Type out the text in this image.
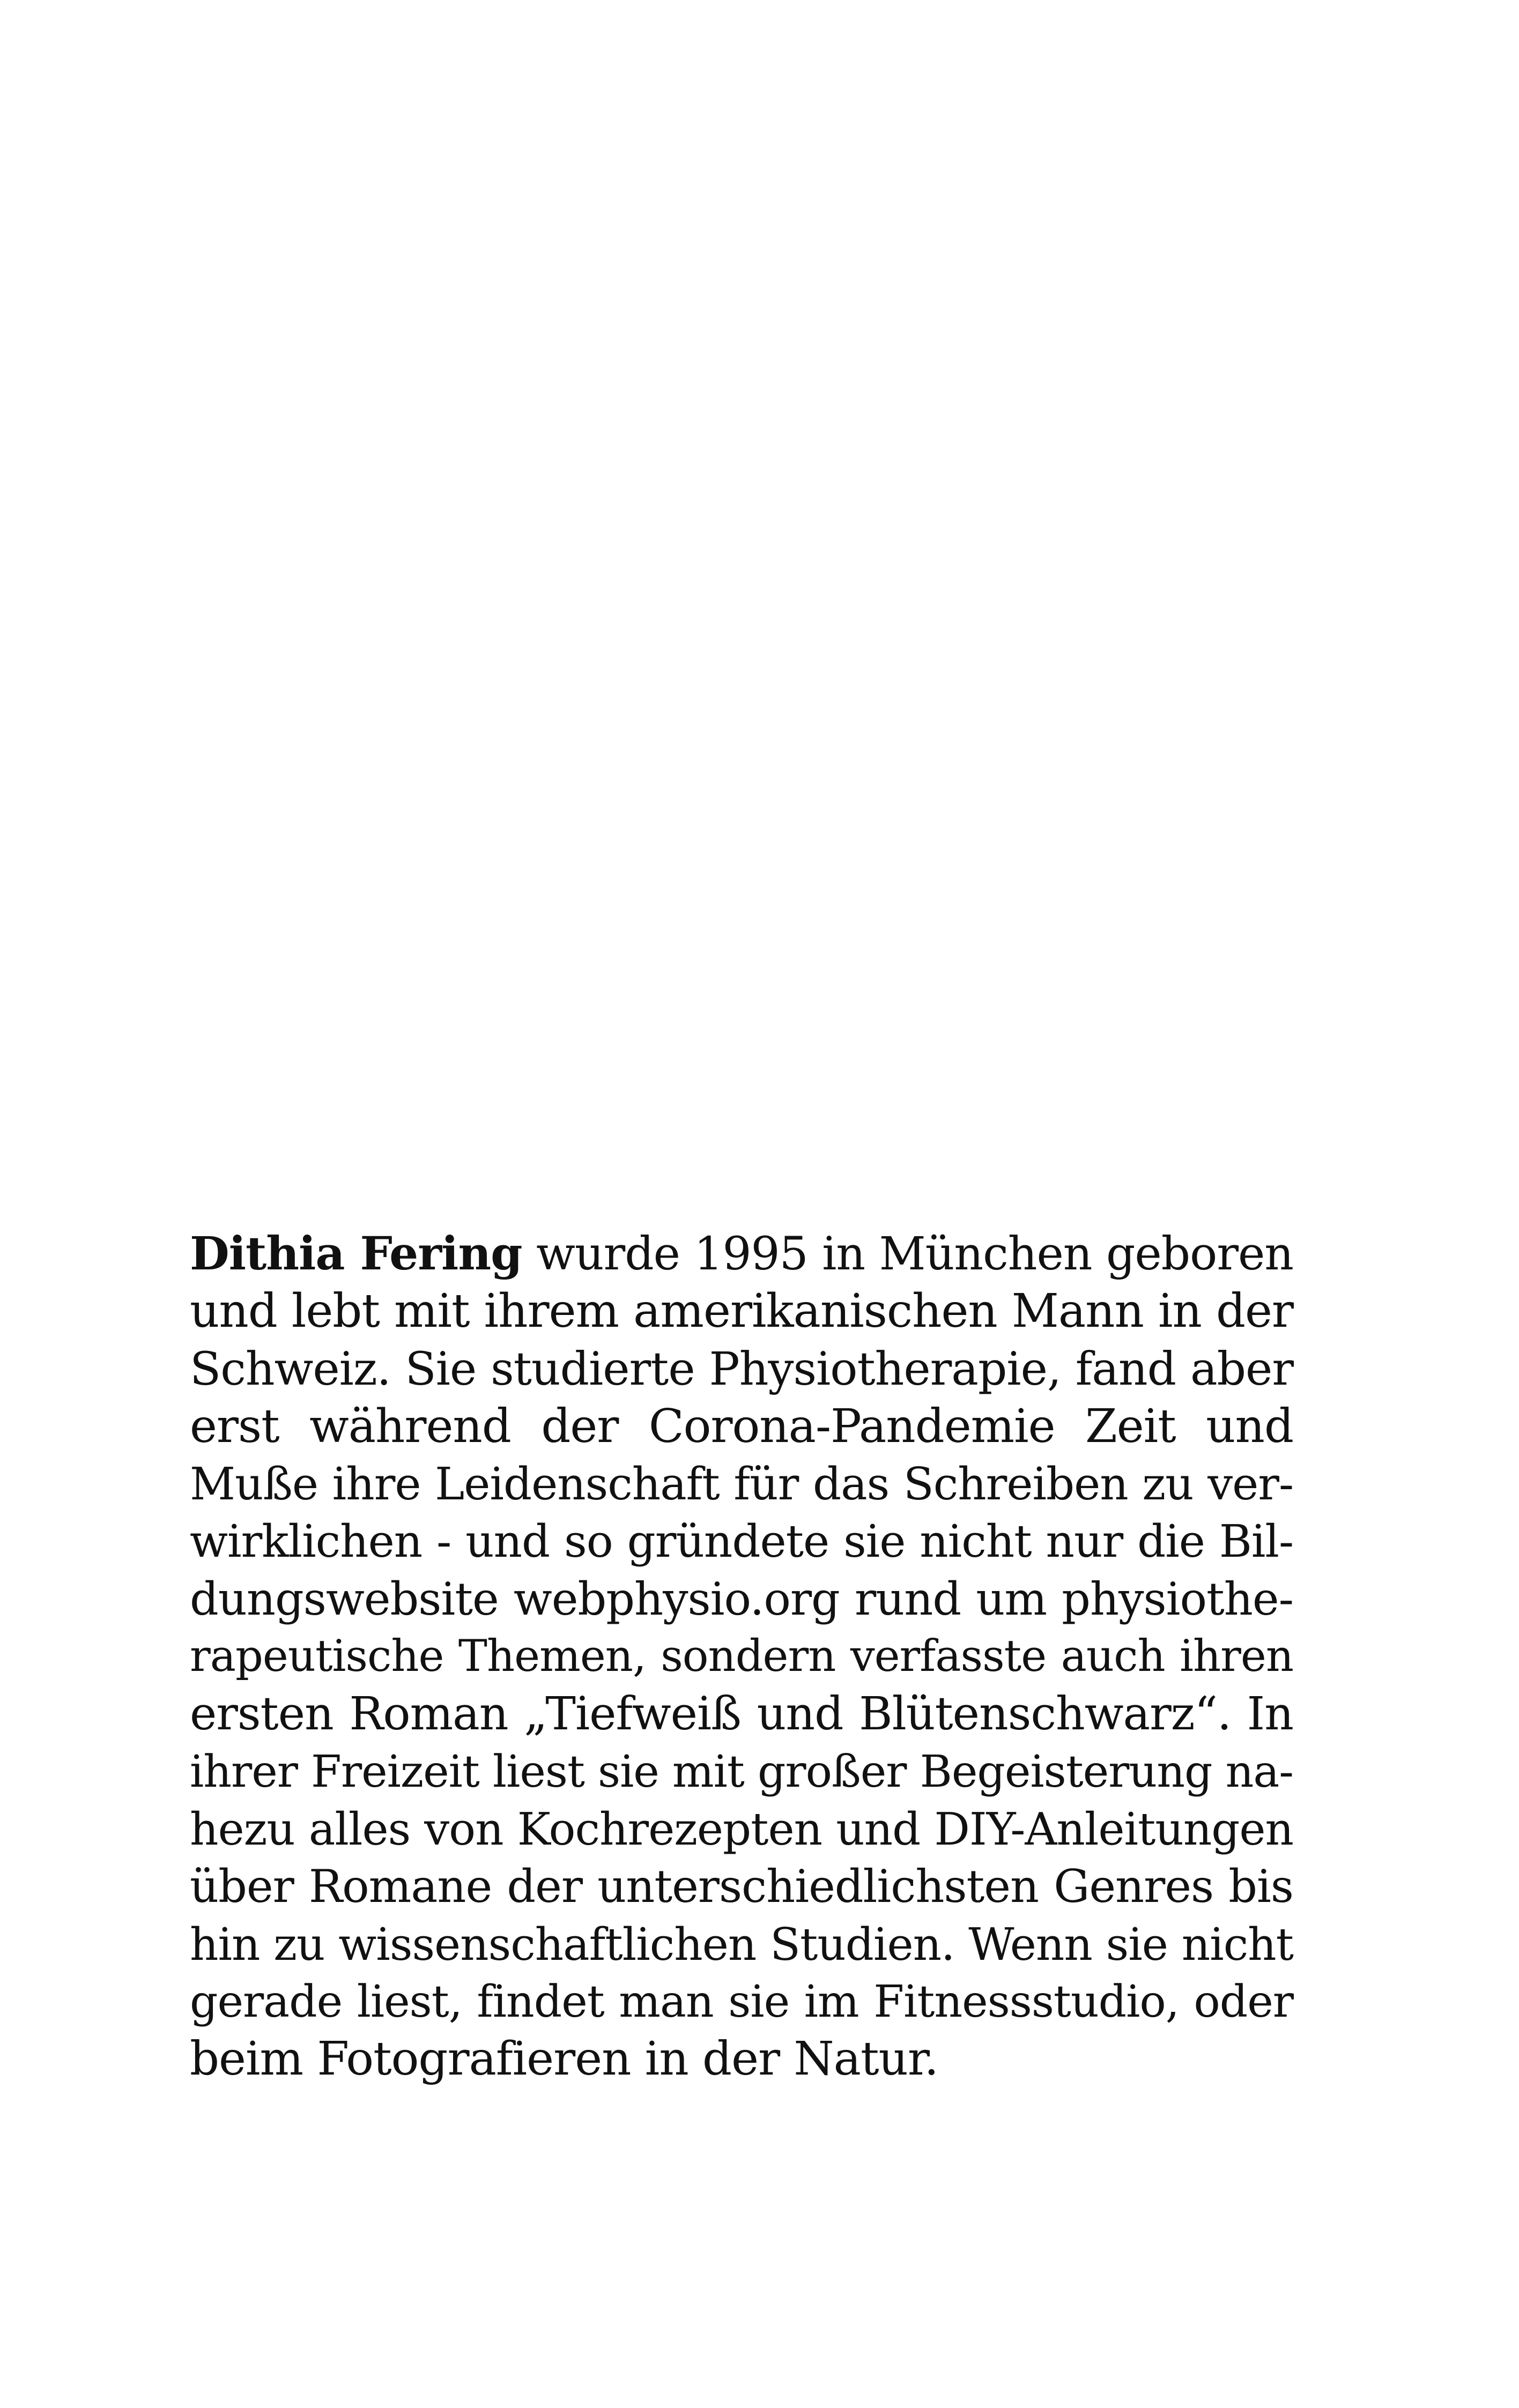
Dithia Fering wurde 1995 in München geboren
und lebt mit ihrem amerikanischen Mann in der
Schweiz. Sie studierte Physiotherapie, fand aber
erst während der Corona-Pandemie Zeit und
Muße ihre Leidenschaft für das Schreiben zu ver-
wirklichen - und so gründete sie nicht nur die Bil-
dungswebsite webphysio.org rund um physiothe-
rapeutische Themen, sondern verfasste auch ihren
ersten Roman „Tiefweiß und Blütenschwarz“. In
ihrer Freizeit liest sie mit großer Begeisterung na-
hezu alles von Kochrezepten und DIY-Anleitungen
über Romane der unterschiedlichsten Genres bis
hin zu wissenschaftlichen Studien. Wenn sie nicht
gerade liest, findet man sie im Fitnessstudio, oder
beim Fotografieren in der Natur.
